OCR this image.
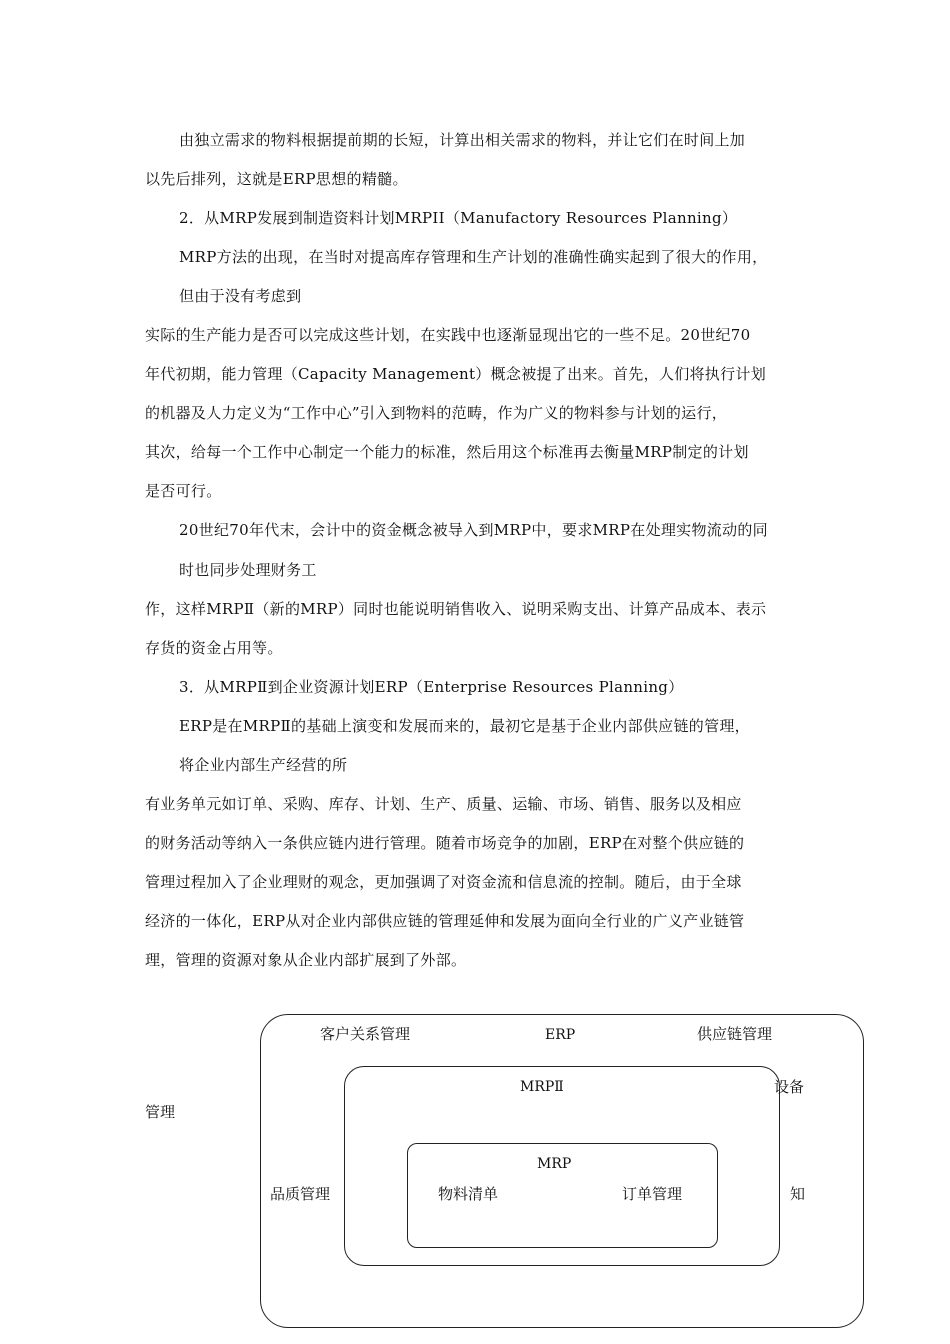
由独立需求的物料根据提前期的长短，计算出相关需求的物料，并让它们在时间上加
以先后排列，这就是ERP思想的精髓。
2．从MRP发展到制造资料计划MRPII（Manufactory Resources Planning）
MRP方法的出现，在当时对提高库存管理和生产计划的准确性确实起到了很大的作用，
但由于没有考虑到
实际的生产能力是否可以完成这些计划，在实践中也逐渐显现出它的一些不足。20世纪70
年代初期，能力管理（Capacity Management）概念被提了出来。首先，人们将执行计划
的机器及人力定义为“工作中心”引入到物料的范畴，作为广义的物料参与计划的运行，
其次，给每一个工作中心制定一个能力的标准，然后用这个标准再去衡量MRP制定的计划
是否可行。
20世纪70年代末，会计中的资金概念被导入到MRP中，要求MRP在处理实物流动的同
时也同步处理财务工
作，这样MRPⅡ（新的MRP）同时也能说明销售收入、说明采购支出、计算产品成本、表示
存货的资金占用等。
3．从MRPⅡ到企业资源计划ERP（Enterprise Resources Planning）
ERP是在MRPⅡ的基础上演变和发展而来的，最初它是基于企业内部供应链的管理，
将企业内部生产经营的所
有业务单元如订单、采购、库存、计划、生产、质量、运输、市场、销售、服务以及相应
的财务活动等纳入一条供应链内进行管理。随着市场竞争的加剧，ERP在对整个供应链的
管理过程加入了企业理财的观念，更加强调了对资金流和信息流的控制。随后，由于全球
经济的一体化，ERP从对企业内部供应链的管理延伸和发展为面向全行业的广义产业链管
理，管理的资源对象从企业内部扩展到了外部。
客户关系管理	ERP	供应链管理
MRPⅡ	设备
管理
MRP
品质管理	物料清单	订单管理	知
